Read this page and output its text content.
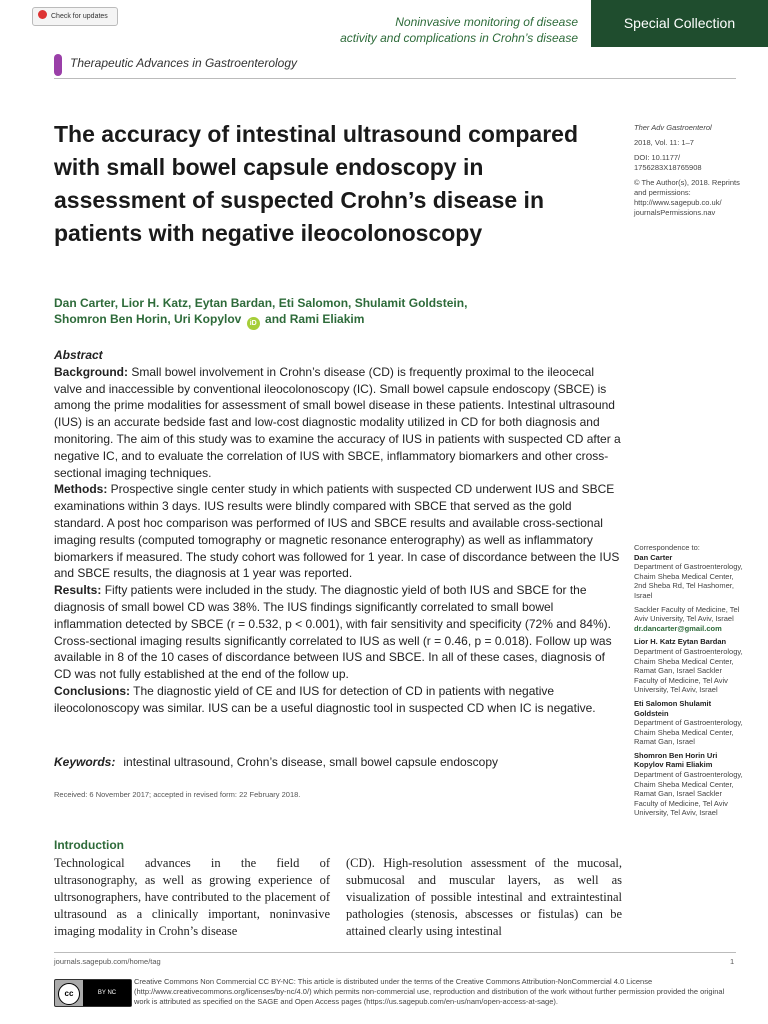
Check for updates	Noninvasive monitoring of disease
activity and complications in Crohn’s disease
Special Collection
Therapeutic Advances in Gastroenterology
The accuracy of intestinal ultrasound compared with small bowel capsule endoscopy in assessment of suspected Crohn’s disease in patients with negative ileocolonoscopy
Dan Carter, Lior H. Katz, Eytan Bardan, Eti Salomon, Shulamit Goldstein,
Shomron Ben Horin, Uri Kopylov iD and Rami Eliakim

Abstract

Background: Small bowel involvement in Crohn’s disease (CD) is frequently proximal to the ileocecal valve and inaccessible by conventional ileocolonoscopy (IC). Small bowel capsule endoscopy (SBCE) is among the prime modalities for assessment of small bowel disease in these patients. Intestinal ultrasound (IUS) is an accurate bedside fast and low-cost diagnostic modality utilized in CD for both diagnosis and monitoring. The aim of this study was to examine the accuracy of IUS in patients with suspected CD after a negative IC, and to evaluate the correlation of IUS with SBCE, inflammatory biomarkers and other cross-sectional imaging techniques.

Methods: Prospective single center study in which patients with suspected CD underwent IUS and SBCE examinations within 3 days. IUS results were blindly compared with SBCE that served as the gold standard. A post hoc comparison was performed of IUS and SBCE results and available cross-sectional imaging results (computed tomography or magnetic resonance enterography) as well as inflammatory biomarkers if measured. The study cohort was followed for 1 year. In case of discordance between the IUS and SBCE results, the diagnosis at 1 year was reported.

Results: Fifty patients were included in the study. The diagnostic yield of both IUS and SBCE for the diagnosis of small bowel CD was 38%. The IUS findings significantly correlated to small bowel inflammation detected by SBCE (r = 0.532, p < 0.001), with fair sensitivity and specificity (72% and 84%). Cross-sectional imaging results significantly correlated to IUS as well (r = 0.46, p = 0.018). Follow up was available in 8 of the 10 cases of discordance between IUS and SBCE. In all of these cases, diagnosis of CD was not fully established at the end of the follow up.

Conclusions: The diagnostic yield of CE and IUS for detection of CD in patients with negative ileocolonoscopy was similar. IUS can be a useful diagnostic tool in suspected CD when IC is negative.

Keywords: intestinal ultrasound, Crohn’s disease, small bowel capsule endoscopy
Received: 6 November 2017; accepted in revised form: 22 February 2018.
Introduction
Technological advances in the field of ultrasonography, as well as growing experience of ultrsonographers, have contributed to the placement of ultrasound as a clinically important, noninvasive imaging modality in Crohn’s disease
(CD). High-resolution assessment of the mucosal, submucosal and muscular layers, as well as visualization of possible intestinal and extraintestinal pathologies (stenosis, abscesses or fistulas) can be attained clearly using intestinal

Ther Adv Gastroenterol

2018, Vol. 11: 1–7

DOI: 10.1177/ 1756283X18765908

© The Author(s), 2018. Reprints and permissions: http://www.sagepub.co.uk/ journalsPermissions.nav

Correspondence to:
Dan Carter
Department of Gastroenterology, Chaim Sheba Medical Center, 2nd Sheba Rd, Tel Hashomer, Israel

Sackler Faculty of Medicine, Tel Aviv University, Tel Aviv, Israel
dr.dancarter@gmail.com

Lior H. Katz Eytan Bardan
Department of Gastroenterology, Chaim Sheba Medical Center, Ramat Gan, Israel Sackler Faculty of Medicine, Tel Aviv University, Tel Aviv, Israel

Eti Salomon Shulamit Goldstein
Department of Gastroenterology, Chaim Sheba Medical Center, Ramat Gan, Israel

Shomron Ben Horin Uri Kopylov Rami Eliakim
Department of Gastroenterology, Chaim Sheba Medical Center, Ramat Gan, Israel Sackler Faculty of Medicine, Tel Aviv University, Tel Aviv, Israel

journals.sagepub.com/home/tag	1
cc	BY NC
Creative Commons Non Commercial CC BY-NC: This article is distributed under the terms of the Creative Commons Attribution-NonCommercial 4.0 License (http://www.creativecommons.org/licenses/by-nc/4.0/) which permits non-commercial use, reproduction and distribution of the work without further permission provided the original work is attributed as specified on the SAGE and Open Access pages (https://us.sagepub.com/en-us/nam/open-access-at-sage).
